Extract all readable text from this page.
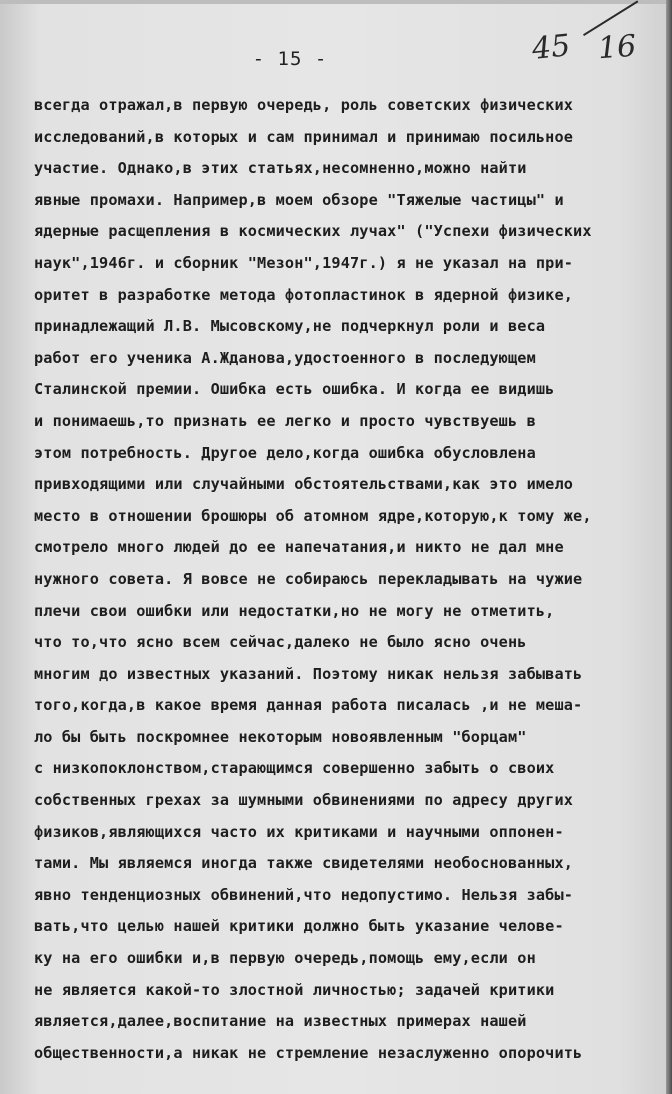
- 15 -	45 16
всегда отражал,в первую очередь, роль советских физических
исследований,в которых и сам принимал и принимаю посильное
участие. Однако,в этих статьях,несомненно,можно найти
явные промахи. Например,в моем обзоре "Тяжелые частицы" и
ядерные расщепления в космических лучах" ("Успехи физических
наук",1946г. и сборник "Мезон",1947г.) я не указал на при-
оритет в разработке метода фотопластинок в ядерной физике,
принадлежащий Л.В. Мысовскому,не подчеркнул роли и веса
работ его ученика А.Жданова,удостоенного в последующем
Сталинской премии. Ошибка есть ошибка. И когда ее видишь
и понимаешь,то признать ее легко и просто чувствуешь в
этом потребность. Другое дело,когда ошибка обусловлена
привходящими или случайными обстоятельствами,как это имело
место в отношении брошюры об атомном ядре,которую,к тому же,
смотрело много людей до ее напечатания,и никто не дал мне
нужного совета. Я вовсе не собираюсь перекладывать на чужие
плечи свои ошибки или недостатки,но не могу не отметить,
что то,что ясно всем сейчас,далеко не было ясно очень
многим до известных указаний. Поэтому никак нельзя забывать
того,когда,в какое время данная работа писалась ,и не меша-
ло бы быть поскромнее некоторым новоявленным "борцам"
с низкопоклонством,старающимся совершенно забыть о своих
собственных грехах за шумными обвинениями по адресу других
физиков,являющихся часто их критиками и научными оппонен-
тами. Мы являемся иногда также свидетелями необоснованных,
явно тенденциозных обвинений,что недопустимо. Нельзя забы-
вать,что целью нашей критики должно быть указание челове-
ку на его ошибки и,в первую очередь,помощь ему,если он
не является какой-то злостной личностью; задачей критики
является,далее,воспитание на известных примерах нашей
общественности,а никак не стремление незаслуженно опорочить
